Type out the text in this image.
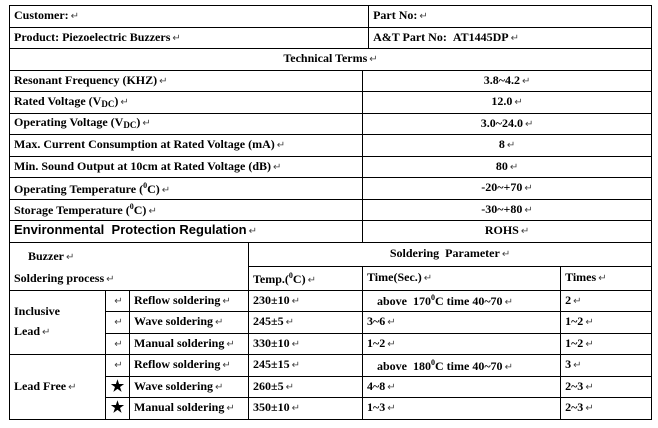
Customer: ↵					Part No: ↵	
Product: Piezoelectric Buzzers ↵					A&T Part No: AT1445DP ↵	
Technical Terms ↵						
Resonant Frequency (KHZ) ↵				3.8~4.2 ↵		
Rated Voltage $(V_{DC})$ ↵				12.0 ↵		
Operating Voltage $(V_{DC})$ ↵				3.0~24.0 ↵		
Max. Current Consumption at Rated Voltage (mA) ↵				8 ↵		
Min. Sound Output at 10cm at Rated Voltage (dB) ↵				80 ↵		
Operating Temperature ($^0$C) ↵				-20~+70 ↵		
Storage Temperature ($^0$C) ↵				-30~+80 ↵		
Environmental  Protection Regulation ↵				ROHS ↵		

Buzzer ↵
Soldering process ↵			Soldering  Parameter ↵			
			Temp.($^0$C) ↵	Time(Sec.) ↵		Times ↵

Inclusive
Lead ↵	↵	Reflow soldering ↵	230±10 ↵	above  $170^0C$ time 40~70 ↵		2 ↵
	↵	Wave soldering ↵	245±5 ↵	3~6 ↵		1~2 ↵
	↵	Manual soldering ↵	330±10 ↵	1~2 ↵		1~2 ↵
Lead Free ↵	↵	Reflow soldering ↵	245±15 ↵	above  $180^0C$ time 40~70 ↵		3 ↵
	★	Wave soldering ↵	260±5 ↵	4~8 ↵		2~3 ↵
	★	Manual soldering ↵	350±10 ↵	1~3 ↵		2~3 ↵
